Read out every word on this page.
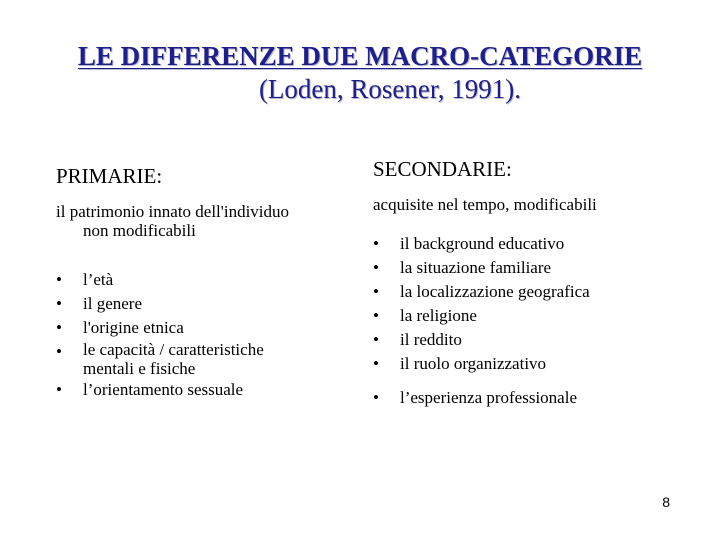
LE DIFFERENZE DUE MACRO-CATEGORIE
(Loden, Rosener, 1991).
PRIMARIE:

il patrimonio innato dell'individuo
non modificabili

•	l’età
•	il genere
•	l'origine etnica
•	le capacità / caratteristiche
mentali e fisiche
•	l’orientamento sessuale
SECONDARIE:

acquisite nel tempo, modificabili

•	il background educativo
•	la situazione familiare
•	la localizzazione geografica
•	la religione
•	il reddito
•	il ruolo organizzativo
•	l’esperienza professionale
8
